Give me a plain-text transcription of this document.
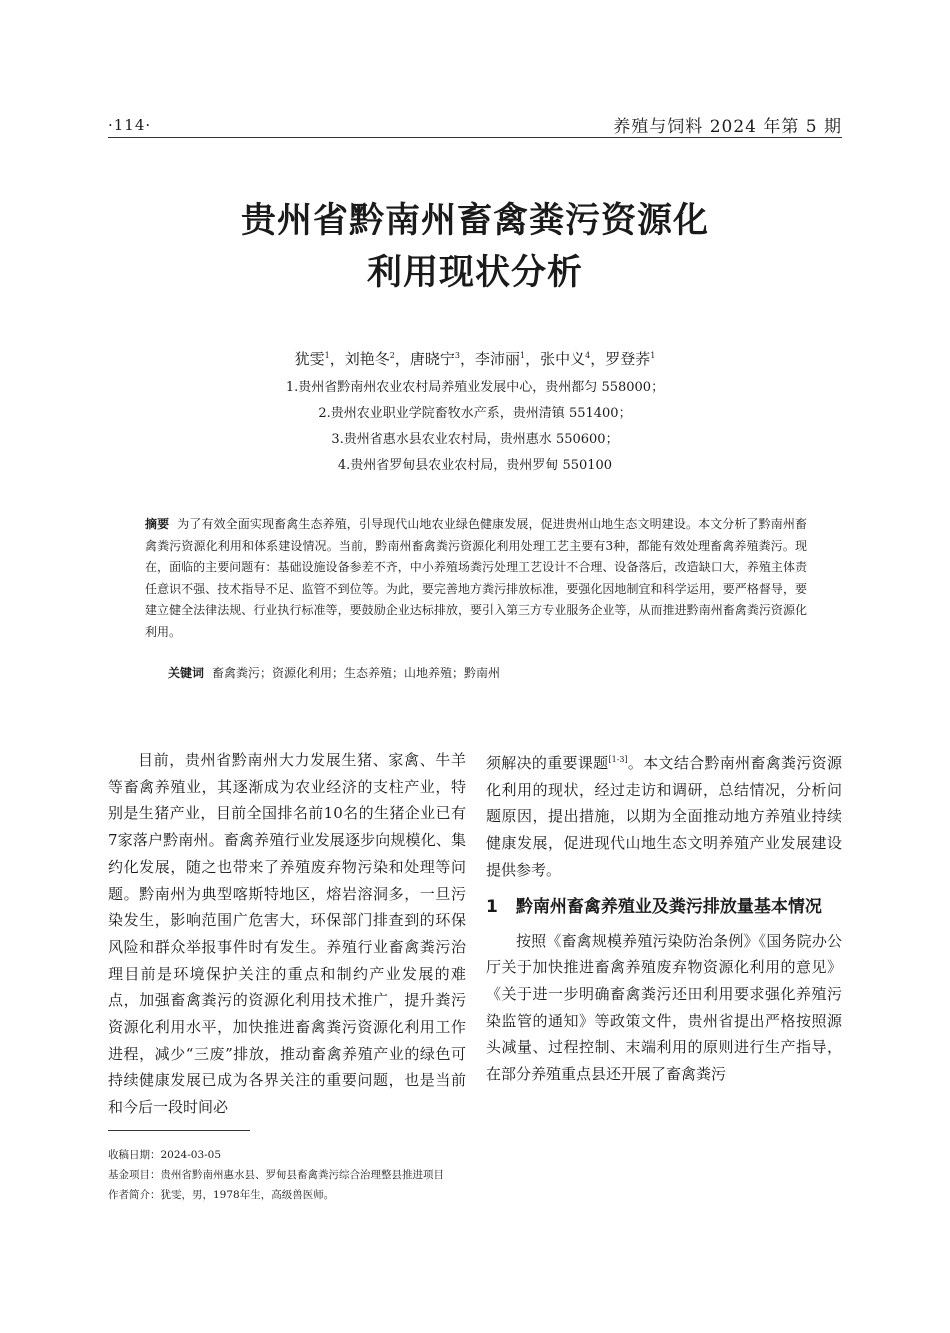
·114·	养殖与饲料 2024 年第 5 期
贵州省黔南州畜禽粪污资源化
利用现状分析
犹雯$^1$，刘艳冬$^2$，唐晓宁$^3$，李沛丽$^1$，张中义$^4$，罗登荞$^1$
1.贵州省黔南州农业农村局养殖业发展中心，贵州都匀 558000；
2.贵州农业职业学院畜牧水产系，贵州清镇 551400；
3.贵州省惠水县农业农村局，贵州惠水 550600；
4.贵州省罗甸县农业农村局，贵州罗甸 550100
摘要 为了有效全面实现畜禽生态养殖，引导现代山地农业绿色健康发展，促进贵州山地生态文明建设。本文分析了黔南州畜禽粪污资源化利用和体系建设情况。当前，黔南州畜禽粪污资源化利用处理工艺主要有3种，都能有效处理畜禽养殖粪污。现在，面临的主要问题有：基础设施设备参差不齐，中小养殖场粪污处理工艺设计不合理、设备落后，改造缺口大，养殖主体责任意识不强、技术指导不足、监管不到位等。为此，要完善地方粪污排放标准，要强化因地制宜和科学运用，要严格督导，要建立健全法律法规、行业执行标准等，要鼓励企业达标排放，要引入第三方专业服务企业等，从而推进黔南州畜禽粪污资源化利用。
关键词 畜禽粪污；资源化利用；生态养殖；山地养殖；黔南州

目前，贵州省黔南州大力发展生猪、家禽、牛羊等畜禽养殖业，其逐渐成为农业经济的支柱产业，特别是生猪产业，目前全国排名前10名的生猪企业已有7家落户黔南州。畜禽养殖行业发展逐步向规模化、集约化发展，随之也带来了养殖废弃物污染和处理等问题。黔南州为典型喀斯特地区，熔岩溶洞多，一旦污染发生，影响范围广危害大，环保部门排查到的环保风险和群众举报事件时有发生。养殖行业畜禽粪污治理目前是环境保护关注的重点和制约产业发展的难点，加强畜禽粪污的资源化利用技术推广，提升粪污资源化利用水平，加快推进畜禽粪污资源化利用工作进程，减少“三废”排放，推动畜禽养殖产业的绿色可持续健康发展已成为各界关注的重要问题，也是当前和今后一段时间必

须解决的重要课题[1-3]。本文结合黔南州畜禽粪污资源化利用的现状，经过走访和调研，总结情况，分析问题原因，提出措施，以期为全面推动地方养殖业持续健康发展，促进现代山地生态文明养殖产业发展建设提供参考。

1 黔南州畜禽养殖业及粪污排放量基本情况

按照《畜禽规模养殖污染防治条例》《国务院办公厅关于加快推进畜禽养殖废弃物资源化利用的意见》《关于进一步明确畜禽粪污还田利用要求强化养殖污染监管的通知》等政策文件，贵州省提出严格按照源头减量、过程控制、末端利用的原则进行生产指导，在部分养殖重点县还开展了畜禽粪污

收稿日期：2024-03-05
基金项目：贵州省黔南州惠水县、罗甸县畜禽粪污综合治理整县推进项目
作者简介：犹雯，男，1978年生，高级兽医师。
